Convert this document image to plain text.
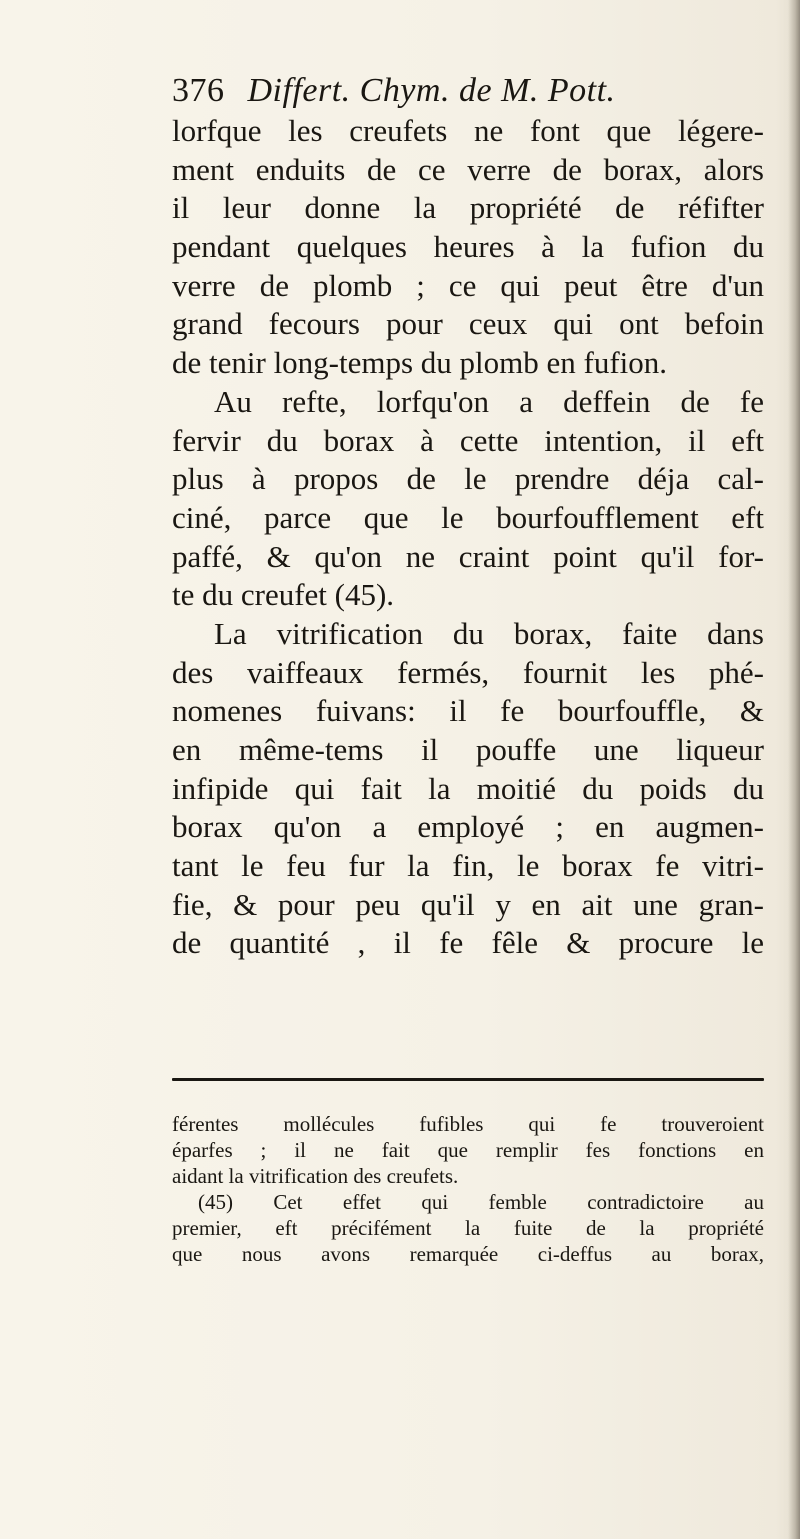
376 Differt. Chym. de M. Pott.
lorfque les creufets ne font que légere-
ment enduits de ce verre de borax, alors
il leur donne la propriété de réfifter
pendant quelques heures à la fufion du
verre de plomb ; ce qui peut être d'un
grand fecours pour ceux qui ont befoin
de tenir long-temps du plomb en fufion.
Au refte, lorfqu'on a deffein de fe
fervir du borax à cette intention, il eft
plus à propos de le prendre déja cal-
ciné, parce que le bourfoufflement eft
paffé, & qu'on ne craint point qu'il for-
te du creufet (45).
La vitrification du borax, faite dans
des vaiffeaux fermés, fournit les phé-
nomenes fuivans: il fe bourfouffle, &
en même-tems il pouffe une liqueur
infipide qui fait la moitié du poids du
borax qu'on a employé ; en augmen-
tant le feu fur la fin, le borax fe vitri-
fie, & pour peu qu'il y en ait une gran-
de quantité , il fe fêle & procure le
férentes mollécules fufibles qui fe trouveroient
éparfes ; il ne fait que remplir fes fonctions en
aidant la vitrification des creufets.
(45) Cet effet qui femble contradictoire au
premier, eft précifément la fuite de la propriété
que nous avons remarquée ci-deffus au borax,
